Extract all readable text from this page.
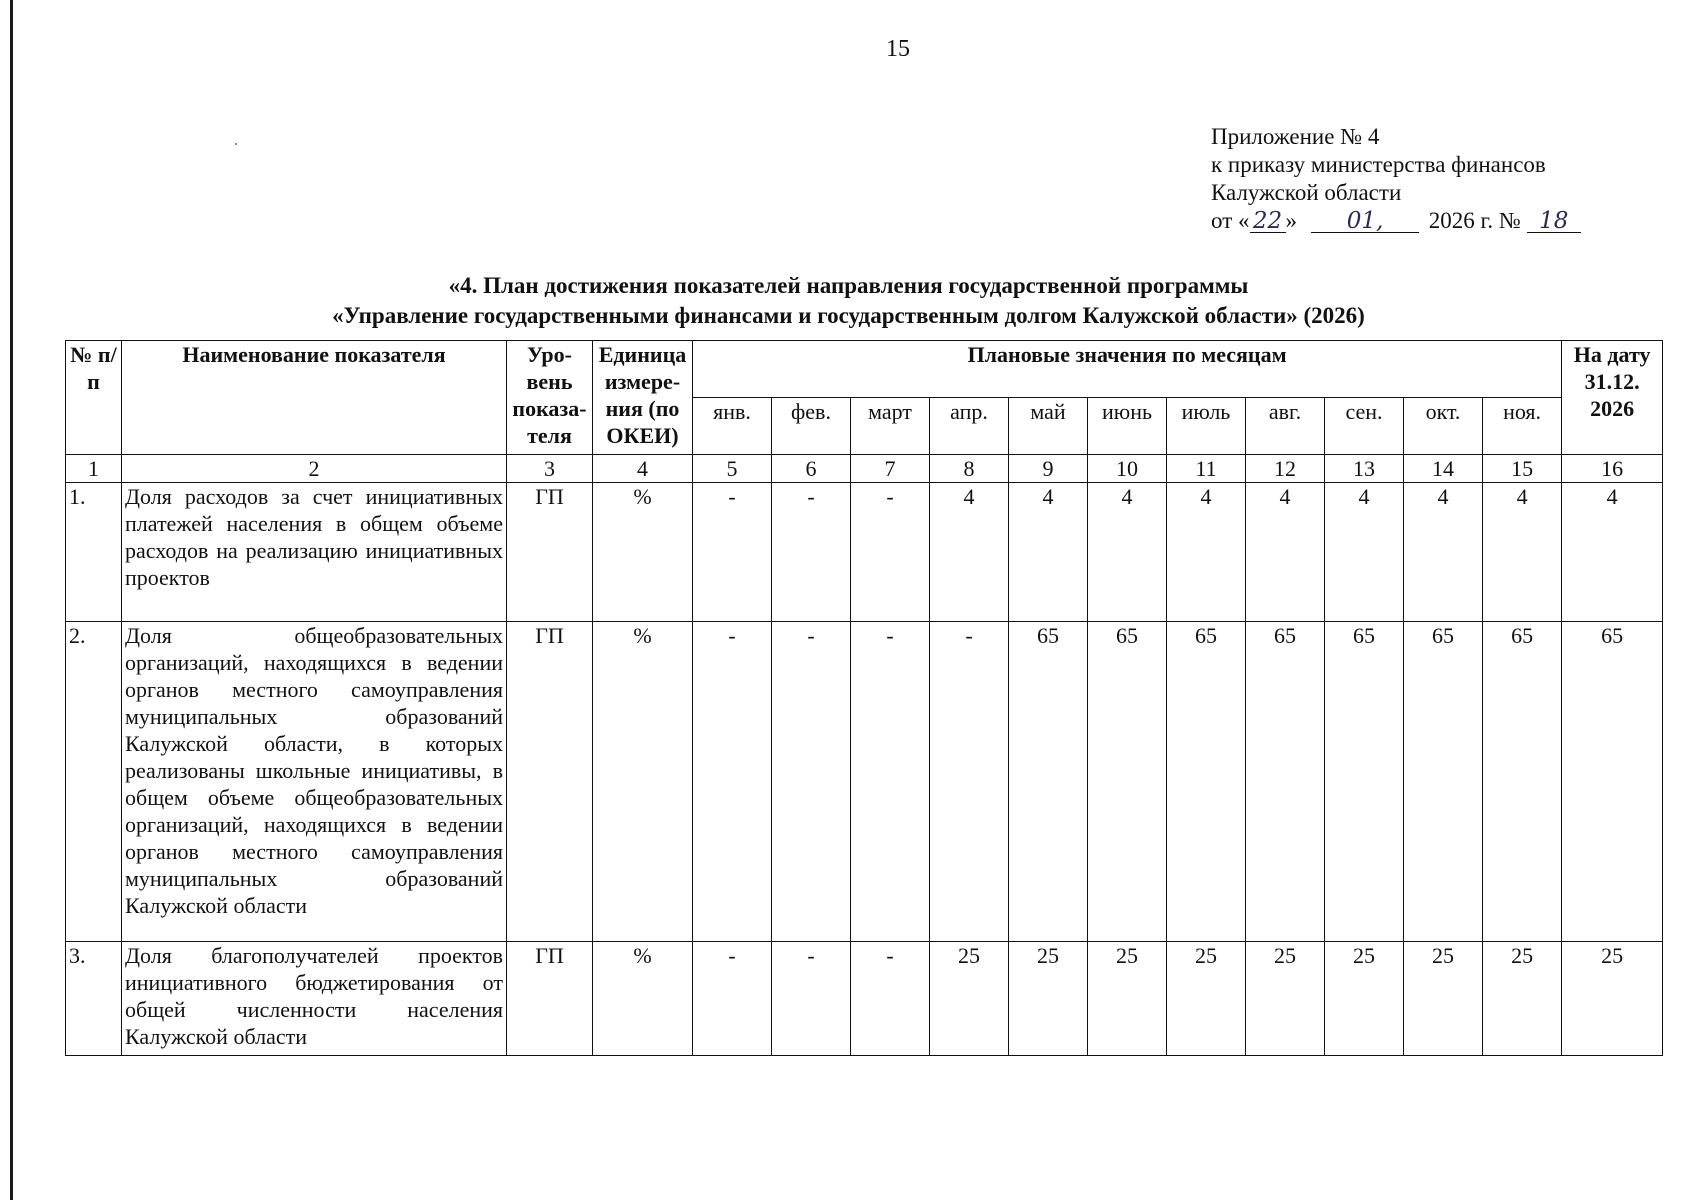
15
Приложение № 4
к приказу министерства финансов
Калужской области
от « 22 » 01, 2026 г. № 18
«4. План достижения показателей направления государственной программы
«Управление государственными финансами и государственным долгом Калужской области» (2026)
№ п/п	Наименование показателя	Уро-вень показа-теля	Единица измере-ния (по ОКЕИ)	Плановые значения по месяцам											На дату 31.12. 2026
				янв.	фев.	март	апр.	май	июнь	июль	авг.	сен.	окт.	ноя.	
1	2	3	4	5	6	7	8	9	10	11	12	13	14	15	16
1.	Доля расходов за счет инициативных платежей населения в общем объеме расходов на реализацию инициативных проектов	ГП	%	-	-	-	4	4	4	4	4	4	4	4	4
2.	Доля общеобразовательных организаций, находящихся в ведении органов местного самоуправления муниципальных образований Калужской области, в которых реализованы школьные инициативы, в общем объеме общеобразовательных организаций, находящихся в ведении органов местного самоуправления муниципальных образований Калужской области	ГП	%	-	-	-	-	65	65	65	65	65	65	65	65
3.	Доля благополучателей проектов инициативного бюджетирования от общей численности населения Калужской области	ГП	%	-	-	-	25	25	25	25	25	25	25	25	25
